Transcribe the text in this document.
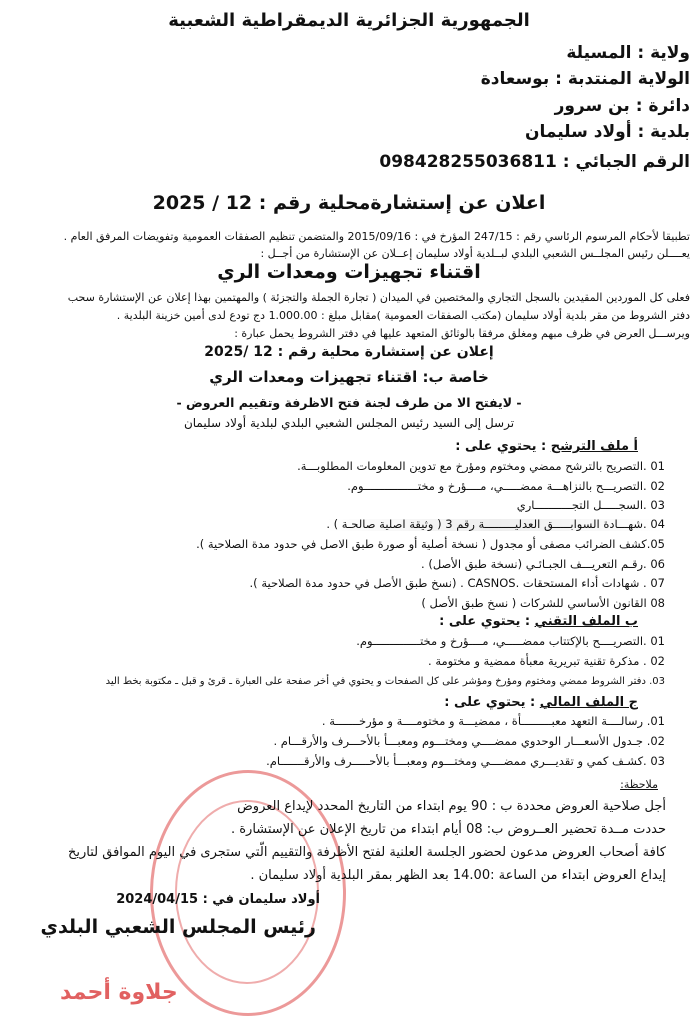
الجمهورية الجزائرية الديمقراطية الشعبية
ولاية : المسيلة
الولاية المنتدبة : بوسعادة
دائرة : بن سرور
بلدية : أولاد سليمان
الرقم الجبائي : 098428255036811
اعلان عن إستشارةمحلية رقم : 12 / 2025
تطبيقا لأحكام المرسوم الرئاسي رقم : 247/15 المؤرخ في : 2015/09/16 والمتضمن تنظيم الصفقات العمومية وتفويضات المرفق العام .
يعــــلن رئيس المجلــس الشعبي البلدي لبــلدية أولاد سليمان إعــلان عن الإستشارة من أجــل :
اقتناء تجهيزات ومعدات الري
فعلى كل الموردين المقيدين بالسجل التجاري والمختصين في الميدان ( تجارة الجملة والتجزئة ) والمهتمين بهذا إعلان عن الإستشارة سحب
دفتر الشروط من مقر بلدية أولاد سليمان (مكتب الصفقات العمومية )مقابل مبلغ : 1.000.00 دج تودع لدى أمين خزينة البلدية .
ويرســـل العرض في ظرف مبهم ومغلق مرفقا بالوثائق المتعهد عليها في دفتر الشروط يحمل عبارة :
إعلان عن إستشارة محلية رقم : 12 /2025
خاصة ب: اقتناء تجهيزات ومعدات الري
- لايفتح الا من طرف لجنة فتح الاظرفة وتقييم العروض -
ترسل إلى السيد رئيس المجلس الشعبي البلدي لبلدية أولاد سليمان
أ ملف الترشح : يحتوي على :
01 .التصريح بالترشح ممضي ومختوم ومؤرخ مع تدوين المعلومات المطلوبـــة.
02 .التصريـــح بالنزاهـــة ممضـــــي، مــــؤرخ و مختــــــــــــــــوم.
03 .السجـــــل التجـــــــــــاري
04 .شهـــادة السوابـــــق العدليـــــــــة رقم 3 ( وثيقة اصلية صالحـة ) .
05.كشف الضرائب مصفى أو مجدول ( نسخة أصلية أو صورة طبق الاصل في حدود مدة الصلاحية ).
06 .رقـم التعريـــف الجبـائـي (نسخة طبق الأصل) .
07 . شهادات أداء المستحقات .CASNOS . (نسخ طبق الأصل في حدود مدة الصلاحية ).
08 القانون الأساسي للشركات ( نسخ طبق الأصل )
ب الملف التقني : يحتوي على :
01 .التصريــــح بالإكتتاب ممضـــــي، مــــؤرخ و مختــــــــــــــوم.
02 . مذكرة تقنية تبريرية معبأة ممضية و مختومة .
03. دفتر الشروط ممضي ومختوم ومؤرخ ومؤشر على كل الصفحات و يحتوي في أخر صفحة على العبارة ـ قرئ و قبل ـ مكتوبة بخط اليد
ج الملف المالي : يحتوي على :
01. رسالــــة التعهد معبـــــــــأة ، ممضيـــة و مختومــــة و مؤرخـــــــة .
02. جـدول الأسعـــار الوحدوي ممضــــي ومختـــوم ومعبـــأ بالأحـــرف والأرقـــام .
03 .كشـف كمي و تقديـــري ممضــــي ومختـــوم ومعبـــأ بالأحـــــرف والأرقـــــــام.
ملاحظة:
أجل صلاحية العروض محددة ب : 90 يوم ابتداء من التاريخ المحدد لإيداع العروض
حددت مــدة تحضير العــروض ب: 08 أيام ابتداء من تاريخ الإعلان عن الإستشارة .
كافة أصحاب العروض مدعون لحضور الجلسة العلنية لفتح الأظرفة والتقييم الّتي ستجرى في اليوم الموافق لتاريخ
إيداع العروض ابتداء من الساعة :14.00 بعد الظهر بمقر البلدية أولاد سليمان .
أولاد سليمان في : 2024/04/15
رئيس المجلس الشعبي البلدي
جلاوة أحمد
